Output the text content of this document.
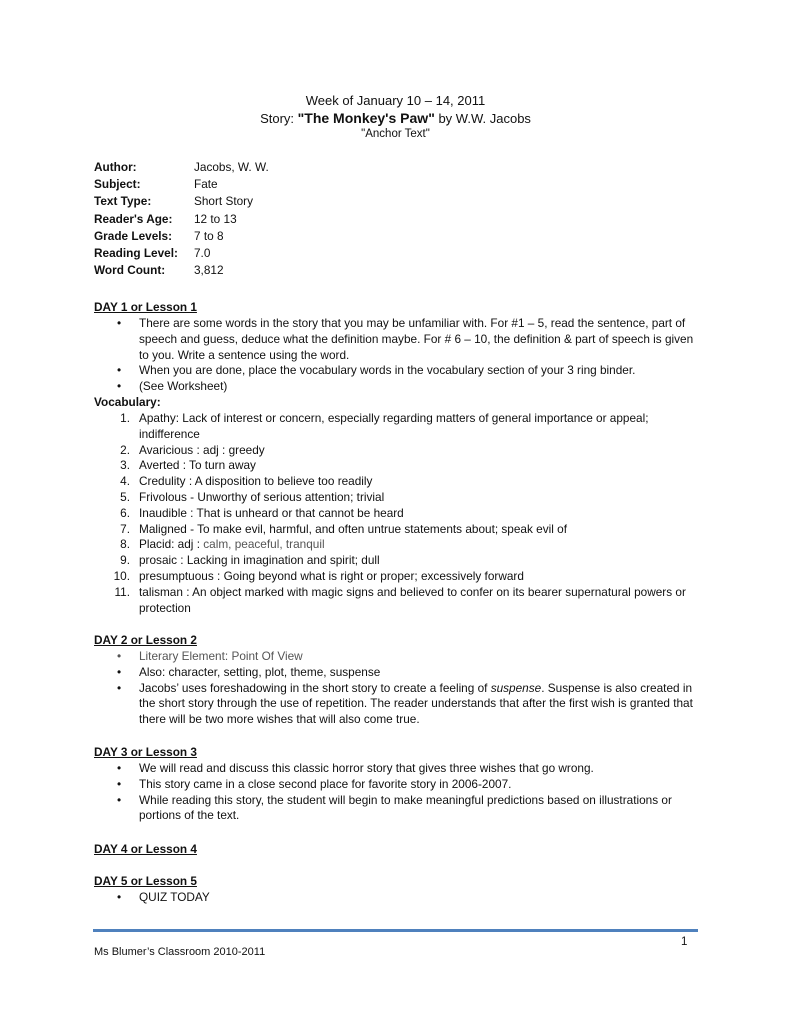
Week of January 10 – 14, 2011
Story: "The Monkey's Paw" by W.W. Jacobs
"Anchor Text"
Author:	Jacobs, W. W.
Subject:	Fate
Text Type:	Short Story
Reader's Age:	12 to 13
Grade Levels:	7 to 8
Reading Level:	7.0
Word Count:	3,812
DAY 1 or Lesson 1
• There are some words in the story that you may be unfamiliar with. For #1 – 5, read the sentence, part of speech and guess, deduce what the definition maybe. For # 6 – 10, the definition & part of speech is given to you. Write a sentence using the word.
• When you are done, place the vocabulary words in the vocabulary section of your 3 ring binder.
• (See Worksheet)
Vocabulary:
1. Apathy: Lack of interest or concern, especially regarding matters of general importance or appeal; indifference
2. Avaricious : adj : greedy
3. Averted : To turn away
4. Credulity : A disposition to believe too readily
5. Frivolous - Unworthy of serious attention; trivial
6. Inaudible : That is unheard or that cannot be heard
7. Maligned - To make evil, harmful, and often untrue statements about; speak evil of
8. Placid: adj : calm, peaceful, tranquil
9. prosaic : Lacking in imagination and spirit; dull
10. presumptuous : Going beyond what is right or proper; excessively forward
11. talisman : An object marked with magic signs and believed to confer on its bearer supernatural powers or protection
DAY 2 or Lesson 2
• Literary Element: Point Of View
• Also: character, setting, plot, theme, suspense
• Jacobs’ uses foreshadowing in the short story to create a feeling of suspense. Suspense is also created in the short story through the use of repetition. The reader understands that after the first wish is granted that there will be two more wishes that will also come true.
DAY 3 or Lesson 3
• We will read and discuss this classic horror story that gives three wishes that go wrong.
• This story came in a close second place for favorite story in 2006-2007.
• While reading this story, the student will begin to make meaningful predictions based on illustrations or portions of the text.
DAY 4 or Lesson 4
DAY 5 or Lesson 5
• QUIZ TODAY
1
Ms Blumer’s Classroom 2010-2011
